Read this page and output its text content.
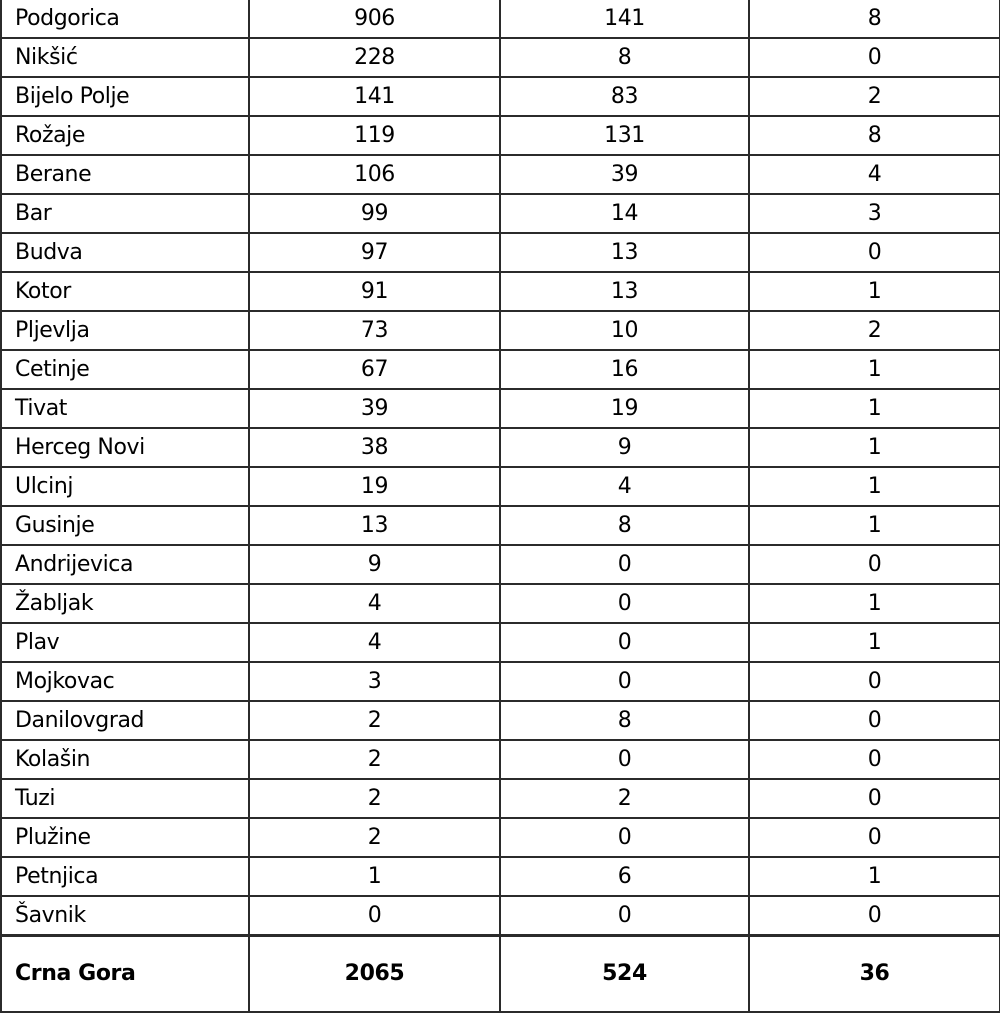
Podgorica	906	141	8
Nikšić	228	8	0
Bijelo Polje	141	83	2
Rožaje	119	131	8
Berane	106	39	4
Bar	99	14	3
Budva	97	13	0
Kotor	91	13	1
Pljevlja	73	10	2
Cetinje	67	16	1
Tivat	39	19	1
Herceg Novi	38	9	1
Ulcinj	19	4	1
Gusinje	13	8	1
Andrijevica	9	0	0
Žabljak	4	0	1
Plav	4	0	1
Mojkovac	3	0	0
Danilovgrad	2	8	0
Kolašin	2	0	0
Tuzi	2	2	0
Plužine	2	0	0
Petnjica	1	6	1
Šavnik	0	0	0
Crna Gora	2065	524	36
